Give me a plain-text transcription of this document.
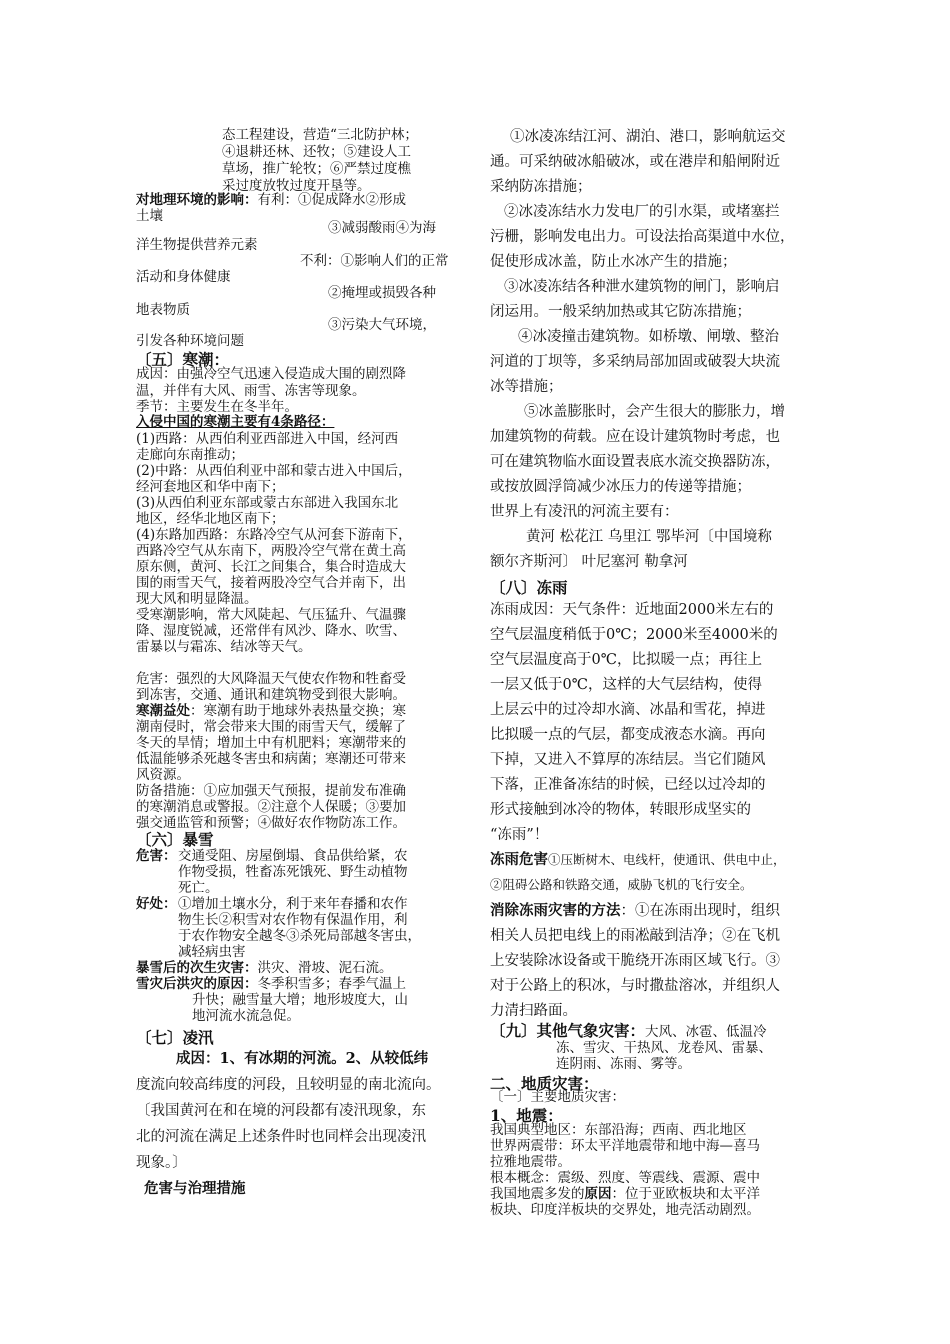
态工程建设，营造“三北防护林；

④退耕还林、还牧；⑤建设人工

草场，推广轮牧；⑥严禁过度樵

采过度放牧过度开垦等。

对地理环境的影响：有利：①促成降水②形成

土壤

③减弱酸雨④为海

洋生物提供营养元素

不利：①影响人们的正常

活动和身体健康

②掩埋或损毁各种

地表物质

③污染大气环境，

引发各种环境问题

〔五〕寒潮：

成因：由强冷空气迅速入侵造成大围的剧烈降

温，并伴有大风、雨雪、冻害等现象。

季节：主要发生在冬半年。

入侵中国的寒潮主要有4条路径：

(1)西路：从西伯利亚西部进入中国，经河西

走廊向东南推动；

(2)中路：从西伯利亚中部和蒙古进入中国后，

经河套地区和华中南下；

(3)从西伯利亚东部或蒙古东部进入我国东北

地区，经华北地区南下；

(4)东路加西路：东路冷空气从河套下游南下，

西路冷空气从东南下，两股冷空气常在黄土高

原东侧，黄河、长江之间集合，集合时造成大

围的雨雪天气，接着两股冷空气合并南下，出

现大风和明显降温。

受寒潮影响，常大风陡起、气压猛升、气温骤

降、湿度锐减，还常伴有风沙、降水、吹雪、

雷暴以与霜冻、结冰等天气。

危害：强烈的大风降温天气使农作物和牲畜受

到冻害，交通、通讯和建筑物受到很大影响。

寒潮益处：寒潮有助于地球外表热量交换；寒

潮南侵时，常会带来大围的雨雪天气，缓解了

冬天的旱情；增加土中有机肥料；寒潮带来的

低温能够杀死越冬害虫和病菌；寒潮还可带来

风资源。

防备措施：①应加强天气预报，提前发布准确

的寒潮消息或警报。②注意个人保暖；③要加

强交通监管和预警；④做好农作物防冻工作。

〔六〕暴雪

危害： 交通受阻、房屋倒塌、食品供给紧，农

作物受损，牲畜冻死饿死、野生动植物

死亡。

好处： ①增加土壤水分，利于来年春播和农作

物生长②积雪对农作物有保温作用，利

于农作物安全越冬③杀死局部越冬害虫，

减轻病虫害

暴雪后的次生灾害：洪灾、滑坡、泥石流。

雪灾后洪灾的原因：冬季积雪多；春季气温上

升快；融雪量大增；地形坡度大，山

地河流水流急促。

〔七〕凌汛

成因：1、有冰期的河流。2、从较低纬

度流向较高纬度的河段，且较明显的南北流向。

〔我国黄河在和在境的河段都有凌汛现象，东

北的河流在满足上述条件时也同样会出现凌汛

现象。〕

危害与治理措施

①冰凌冻结江河、湖泊、港口，影响航运交

通。可采纳破冰船破冰，或在港岸和船闸附近

采纳防冻措施；

②冰凌冻结水力发电厂的引水渠，或堵塞拦

污栅，影响发电出力。可设法抬高渠道中水位，

促使形成冰盖，防止水冰产生的措施；

③冰凌冻结各种泄水建筑物的闸门，影响启

闭运用。一般采纳加热或其它防冻措施；

④冰凌撞击建筑物。如桥墩、闸墩、整治

河道的丁坝等，多采纳局部加固或破裂大块流

冰等措施；

⑤冰盖膨胀时，会产生很大的膨胀力，增

加建筑物的荷载。应在设计建筑物时考虑，也

可在建筑物临水面设置表底水流交换器防冻，

或按放圆浮筒减少冰压力的传递等措施；

世界上有凌汛的河流主要有：

黄河 松花江 乌里江 鄂毕河〔中国境称

额尔齐斯河〕 叶尼塞河 勒拿河

〔八〕冻雨

冻雨成因：天气条件：近地面2000米左右的

空气层温度稍低于0℃；2000米至4000米的

空气层温度高于0℃，比拟暖一点；再往上

一层又低于0℃，这样的大气层结构，使得

上层云中的过冷却水滴、冰晶和雪花，掉进

比拟暖一点的气层，都变成液态水滴。再向

下掉，又进入不算厚的冻结层。当它们随风

下落，正准备冻结的时候，已经以过冷却的

形式接触到冰冷的物体，转眼形成坚实的

“冻雨”！

冻雨危害①压断树木、电线杆，使通讯、供电中止，

②阻碍公路和铁路交通，威胁飞机的飞行安全。

消除冻雨灾害的方法：①在冻雨出现时，组织

相关人员把电线上的雨凇敲到洁净；②在飞机

上安装除冰设备或干脆绕开冻雨区域飞行。③

对于公路上的积冰，与时撒盐溶冰，并组织人

力清扫路面。

〔九〕其他气象灾害：大风、冰雹、低温冷

冻、雪灾、干热风、龙卷风、雷暴、

连阴雨、冻雨、雾等。

二、地质灾害：

〔一〕主要地质灾害：

1、地震：

我国典型地区：东部沿海；西南、西北地区

世界两震带：环太平洋地震带和地中海—喜马

拉雅地震带。

根本概念：震级、烈度、等震线、震源、震中

我国地震多发的原因：位于亚欧板块和太平洋

板块、印度洋板块的交界处，地壳活动剧烈。
